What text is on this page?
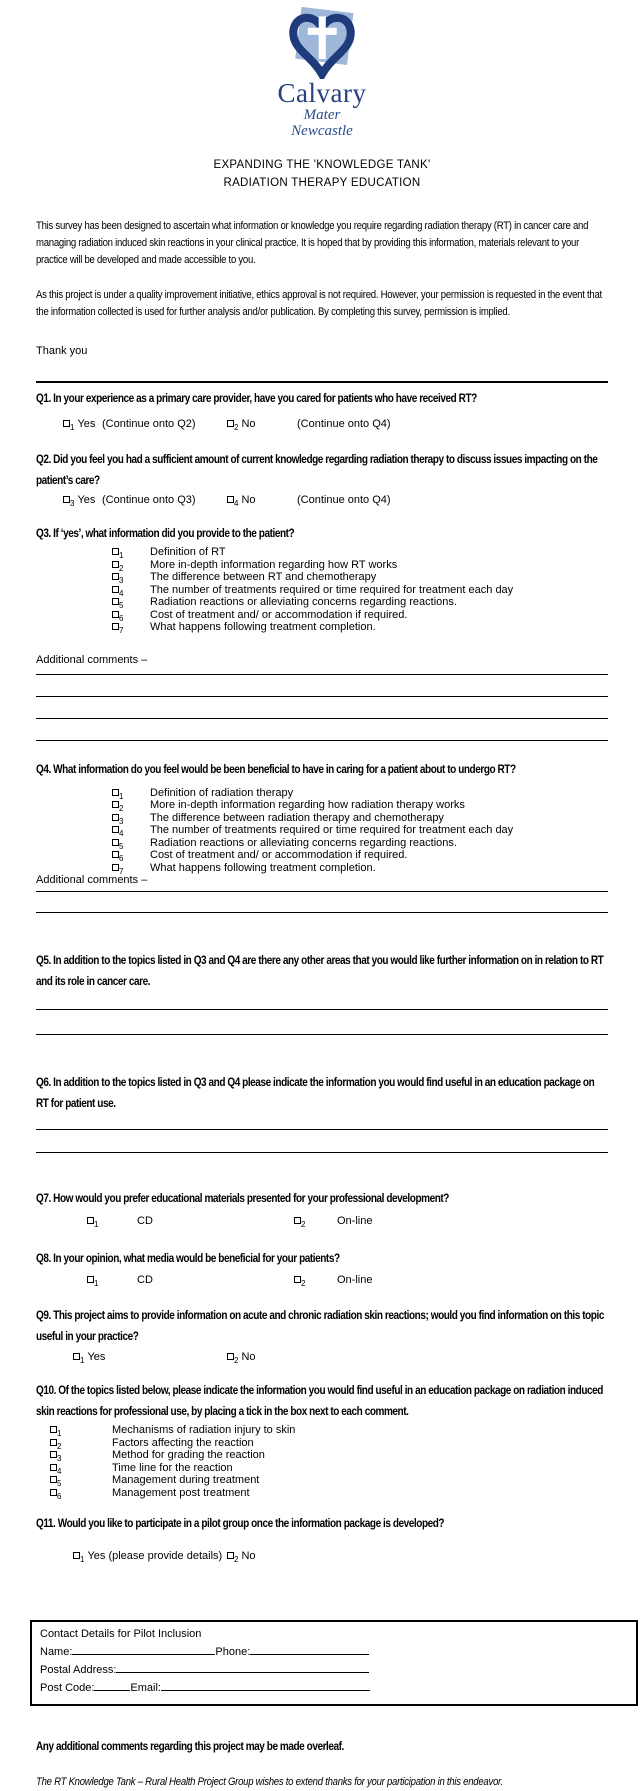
Calvary
Mater
Newcastle
EXPANDING THE 'KNOWLEDGE TANK'
RADIATION THERAPY EDUCATION

This survey has been designed to ascertain what information or knowledge you require regarding radiation therapy (RT) in cancer care and managing radiation induced skin reactions in your clinical practice. It is hoped that by providing this information, materials relevant to your practice will be developed and made accessible to you.

As this project is under a quality improvement initiative, ethics approval is not required. However, your permission is requested in the event that the information collected is used for further analysis and/or publication. By completing this survey, permission is implied.

Thank you

Q1. In your experience as a primary care provider, have you cared for patients who have received RT?

$_1$ Yes (Continue onto Q2)	$_2$ No	(Continue onto Q4)

Q2. Did you feel you had a sufficient amount of current knowledge regarding radiation therapy to discuss issues impacting on the patient’s care?

$_3$ Yes (Continue onto Q3)	$_4$ No	(Continue onto Q4)

Q3. If ‘yes’, what information did you provide to the patient?

$_1$ Definition of RT
$_2$ More in-depth information regarding how RT works
$_3$ The difference between RT and chemotherapy
$_4$ The number of treatments required or time required for treatment each day
$_5$ Radiation reactions or alleviating concerns regarding reactions.
$_6$ Cost of treatment and/ or accommodation if required.
$_7$ What happens following treatment completion.
Additional comments –

Q4. What information do you feel would be been beneficial to have in caring for a patient about to undergo RT?

$_1$ Definition of radiation therapy
$_2$ More in-depth information regarding how radiation therapy works
$_3$ The difference between radiation therapy and chemotherapy
$_4$ The number of treatments required or time required for treatment each day
$_5$ Radiation reactions or alleviating concerns regarding reactions.
$_6$ Cost of treatment and/ or accommodation if required.
$_7$ What happens following treatment completion.
Additional comments –

Q5. In addition to the topics listed in Q3 and Q4 are there any other areas that you would like further information on in relation to RT and its role in cancer care.

Q6. In addition to the topics listed in Q3 and Q4 please indicate the information you would find useful in an education package on RT for patient use.

Q7. How would you prefer educational materials presented for your professional development?

$_1$	CD	$_2$	On-line

Q8. In your opinion, what media would be beneficial for your patients?

$_1$	CD	$_2$	On-line

Q9. This project aims to provide information on acute and chronic radiation skin reactions; would you find information on this topic useful in your practice?

$_1$ Yes	$_2$ No

Q10. Of the topics listed below, please indicate the information you would find useful in an education package on radiation induced skin reactions for professional use, by placing a tick in the box next to each comment.

$_1$	Mechanisms of radiation injury to skin
$_2$	Factors affecting the reaction
$_3$	Method for grading the reaction
$_4$	Time line for the reaction
$_5$	Management during treatment
$_6$	Management post treatment

Q11. Would you like to participate in a pilot group once the information package is developed?

$_1$ Yes (please provide details)	$_2$ No
Contact Details for Pilot Inclusion
Name:	Phone:
Postal Address:
Post Code:	Email:

Any additional comments regarding this project may be made overleaf.

The RT Knowledge Tank – Rural Health Project Group wishes to extend thanks for your participation in this endeavor.
